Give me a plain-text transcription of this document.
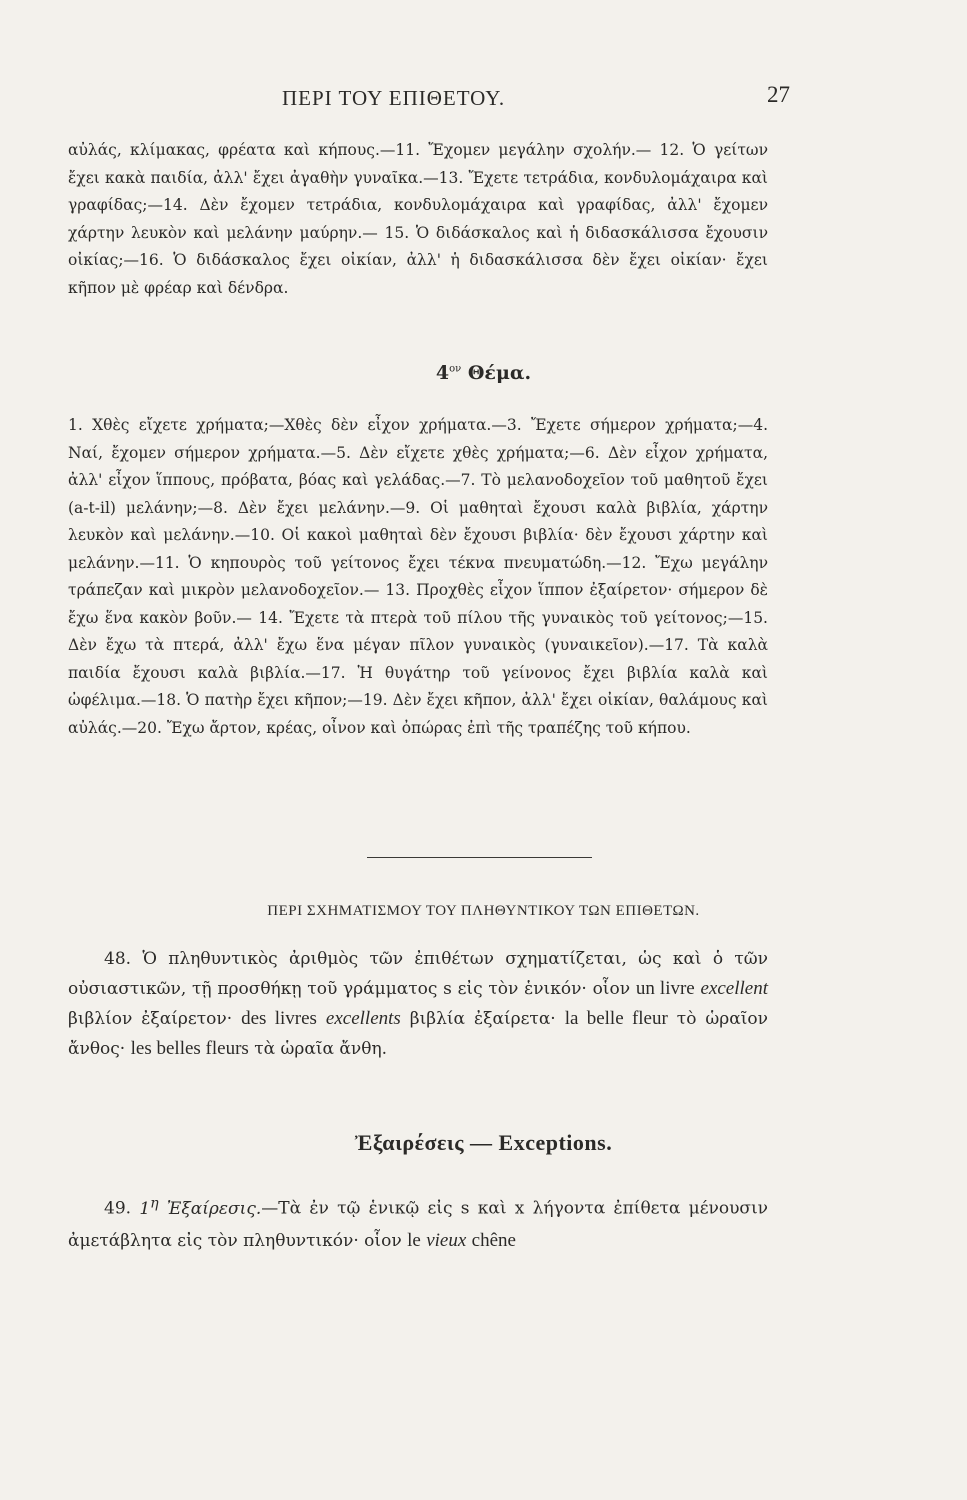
ΠΕΡΙ ΤΟΥ ΕΠΙΘΕΤΟΥ.	27

αὐλάς, κλίμακας, φρέατα καὶ κήπους.—11. Ἔχομεν μεγάλην σχολήν.— 12. Ὁ γείτων ἔχει κακὰ παιδία, ἀλλ' ἔχει ἀγαθὴν γυναῖκα.—13. Ἔχετε τετράδια, κονδυλομάχαιρα καὶ γραφίδας;—14. Δὲν ἔχομεν τετράδια, κονδυλομάχαιρα καὶ γραφίδας, ἀλλ' ἔχομεν χάρτην λευκὸν καὶ μελάνην μαύρην.— 15. Ὁ διδάσκαλος καὶ ἡ διδασκάλισσα ἔχουσιν οἰκίας;—16. Ὁ διδάσκαλος ἔχει οἰκίαν, ἀλλ' ἡ διδασκάλισσα δὲν ἔχει οἰκίαν· ἔχει κῆπον μὲ φρέαρ καὶ δένδρα.

$4^{o\nu}$ Θέμα.

1. Χθὲς εἴχετε χρήματα;—Χθὲς δὲν εἶχον χρήματα.—3. Ἔχετε σήμερον χρήματα;—4. Ναί, ἔχομεν σήμερον χρήματα.—5. Δὲν εἴχετε χθὲς χρήματα;—6. Δὲν εἶχον χρήματα, ἀλλ' εἶχον ἵππους, πρόβατα, βόας καὶ γελάδας.—7. Τὸ μελανοδοχεῖον τοῦ μαθητοῦ ἔχει (a-t-il) μελάνην;—8. Δὲν ἔχει μελάνην.—9. Οἱ μαθηταὶ ἔχουσι καλὰ βιβλία, χάρτην λευκὸν καὶ μελάνην.—10. Οἱ κακοὶ μαθηταὶ δὲν ἔχουσι βιβλία· δὲν ἔχουσι χάρτην καὶ μελάνην.—11. Ὁ κηπουρὸς τοῦ γείτονος ἔχει τέκνα πνευματώδη.—12. Ἔχω μεγάλην τράπεζαν καὶ μικρὸν μελανοδοχεῖον.— 13. Προχθὲς εἶχον ἵππον ἐξαίρετον· σήμερον δὲ ἔχω ἕνα κακὸν βοῦν.— 14. Ἔχετε τὰ πτερὰ τοῦ πίλου τῆς γυναικὸς τοῦ γείτονος;—15. Δὲν ἔχω τὰ πτερά, ἀλλ' ἔχω ἕνα μέγαν πῖλον γυναικὸς (γυναικεῖον).—17. Τὰ καλὰ παιδία ἔχουσι καλὰ βιβλία.—17. Ἡ θυγάτηρ τοῦ γείνονος ἔχει βιβλία καλὰ καὶ ὠφέλιμα.—18. Ὁ πατὴρ ἔχει κῆπον;—19. Δὲν ἔχει κῆπον, ἀλλ' ἔχει οἰκίαν, θαλάμους καὶ αὐλάς.—20. Ἔχω ἄρτον, κρέας, οἶνον καὶ ὀπώρας ἐπὶ τῆς τραπέζης τοῦ κήπου.

ΠΕΡΙ ΣΧΗΜΑΤΙΣΜΟΥ ΤΟΥ ΠΛΗΘΥΝΤΙΚΟΥ ΤΩΝ ΕΠΙΘΕΤΩΝ.

48. Ὁ πληθυντικὸς ἀριθμὸς τῶν ἐπιθέτων σχηματίζεται, ὡς καὶ ὁ τῶν οὐσιαστικῶν, τῇ προσθήκῃ τοῦ γράμματος s εἰς τὸν ἑνικόν· οἷον un livre excellent βιβλίον ἐξαίρετον· des livres excellents βιβλία ἐξαίρετα· la belle fleur τὸ ὡραῖον ἄνθος· les belles fleurs τὰ ὡραῖα ἄνθη.

Ἐξαιρέσεις — Exceptions.

49. $1^\eta$ Ἐξαίρεσις.—Τὰ ἐν τῷ ἑνικῷ εἰς s καὶ x λήγοντα ἐπίθετα μένουσιν ἀμετάβλητα εἰς τὸν πληθυντικόν· οἷον le vieux chêne
